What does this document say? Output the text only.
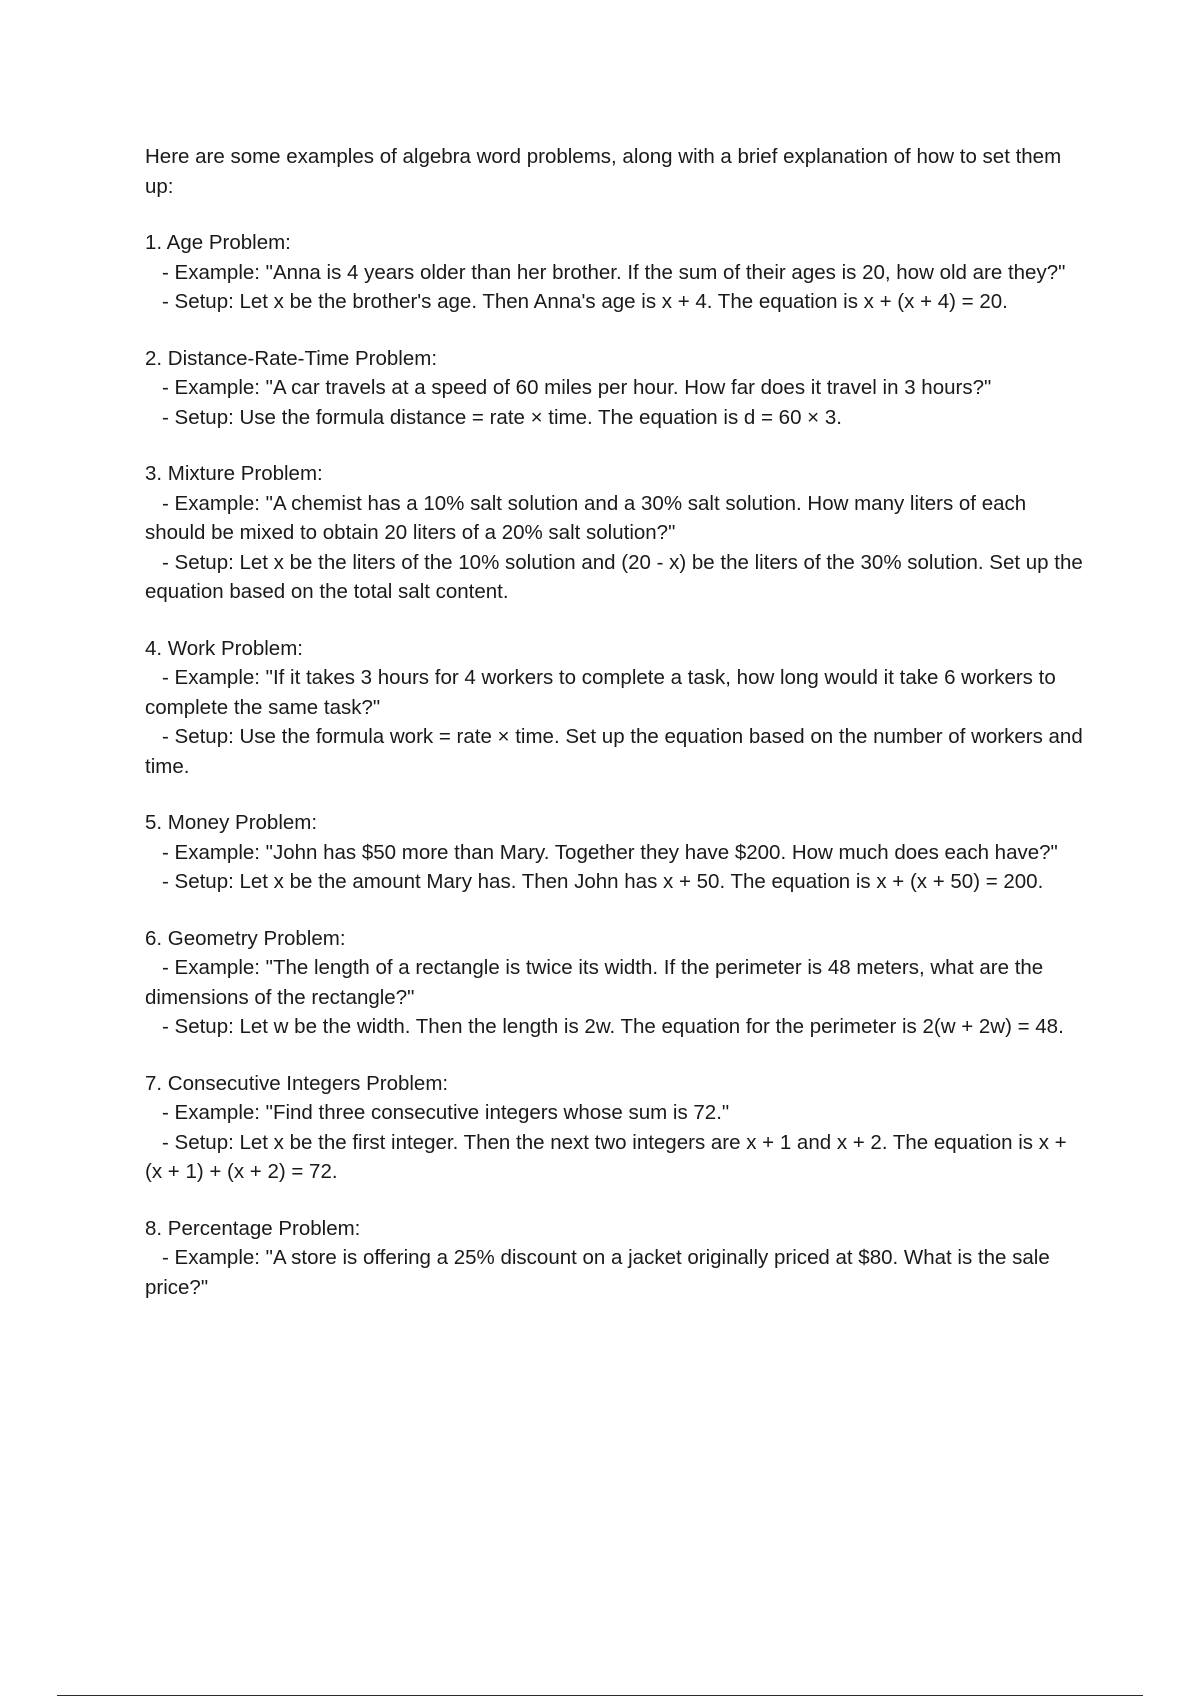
Here are some examples of algebra word problems, along with a brief explanation of how to set them up:

1. Age Problem:

- Example: "Anna is 4 years older than her brother. If the sum of their ages is 20, how old are they?"

- Setup: Let x be the brother's age. Then Anna's age is x + 4. The equation is x + (x + 4) = 20.

2. Distance-Rate-Time Problem:

- Example: "A car travels at a speed of 60 miles per hour. How far does it travel in 3 hours?"

- Setup: Use the formula distance = rate × time. The equation is d = 60 × 3.

3. Mixture Problem:

- Example: "A chemist has a 10% salt solution and a 30% salt solution. How many liters of each should be mixed to obtain 20 liters of a 20% salt solution?"

- Setup: Let x be the liters of the 10% solution and (20 - x) be the liters of the 30% solution. Set up the equation based on the total salt content.

4. Work Problem:

- Example: "If it takes 3 hours for 4 workers to complete a task, how long would it take 6 workers to complete the same task?"

- Setup: Use the formula work = rate × time. Set up the equation based on the number of workers and time.

5. Money Problem:

- Example: "John has $50 more than Mary. Together they have $200. How much does each have?"

- Setup: Let x be the amount Mary has. Then John has x + 50. The equation is x + (x + 50) = 200.

6. Geometry Problem:

- Example: "The length of a rectangle is twice its width. If the perimeter is 48 meters, what are the dimensions of the rectangle?"

- Setup: Let w be the width. Then the length is 2w. The equation for the perimeter is 2(w + 2w) = 48.

7. Consecutive Integers Problem:

- Example: "Find three consecutive integers whose sum is 72."

- Setup: Let x be the first integer. Then the next two integers are x + 1 and x + 2. The equation is x + (x + 1) + (x + 2) = 72.

8. Percentage Problem:

- Example: "A store is offering a 25% discount on a jacket originally priced at $80. What is the sale price?"
